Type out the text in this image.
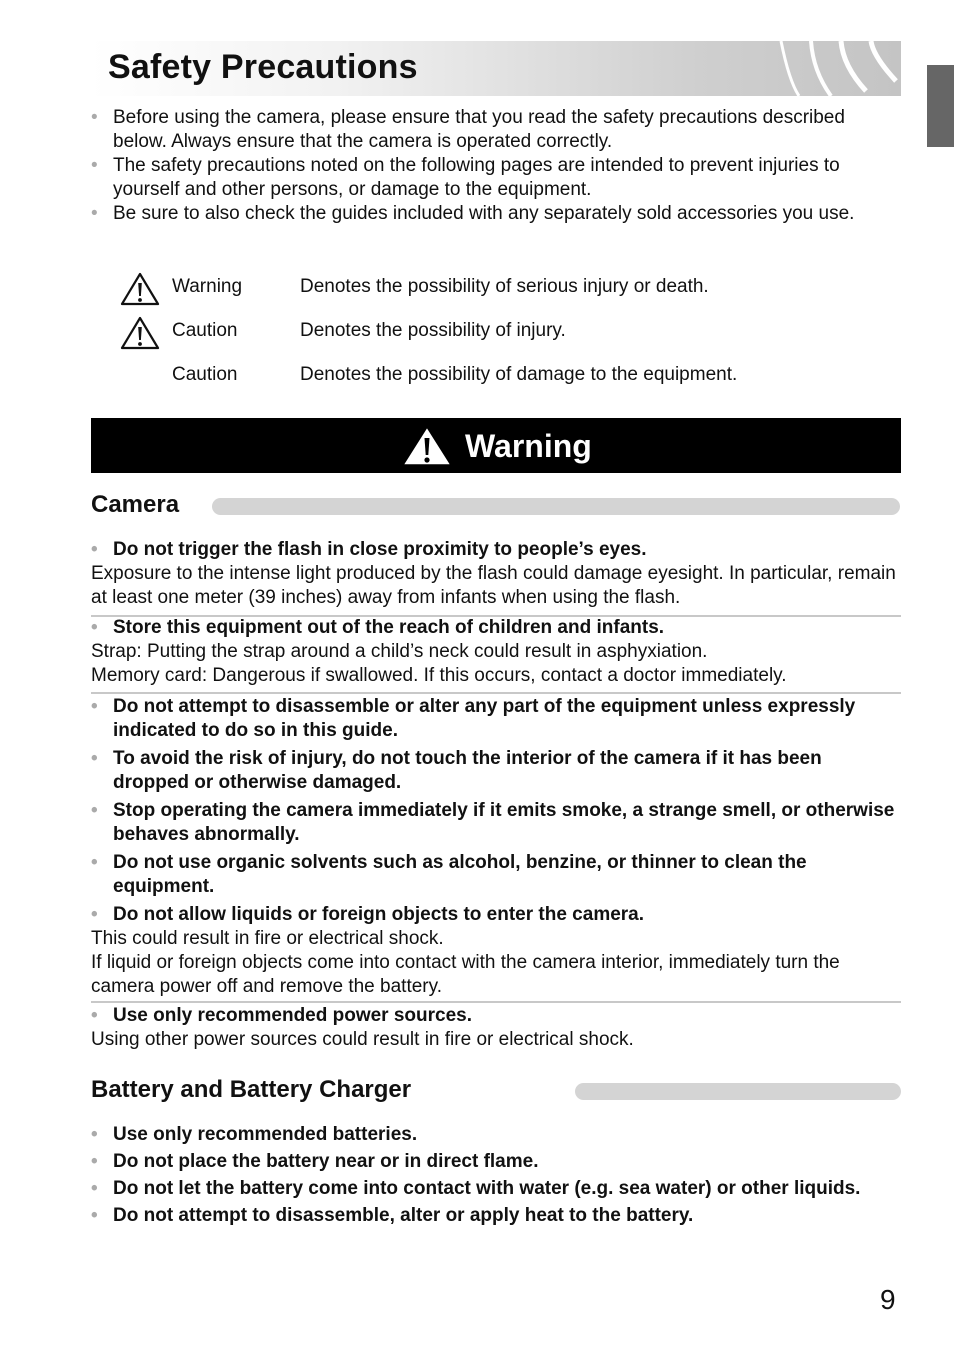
Safety Precautions
• Before using the camera, please ensure that you read the safety precautions described below. Always ensure that the camera is operated correctly.
• The safety precautions noted on the following pages are intended to prevent injuries to yourself and other persons, or damage to the equipment.
• Be sure to also check the guides included with any separately sold accessories you use.
Warning	Denotes the possibility of serious injury or death.
Caution	Denotes the possibility of injury.
Caution	Denotes the possibility of damage to the equipment.
Warning
Camera
• Do not trigger the flash in close proximity to people’s eyes.
Exposure to the intense light produced by the flash could damage eyesight. In particular, remain at least one meter (39 inches) away from infants when using the flash.
• Store this equipment out of the reach of children and infants.
Strap: Putting the strap around a child’s neck could result in asphyxiation.
Memory card: Dangerous if swallowed. If this occurs, contact a doctor immediately.
• Do not attempt to disassemble or alter any part of the equipment unless expressly indicated to do so in this guide.
• To avoid the risk of injury, do not touch the interior of the camera if it has been dropped or otherwise damaged.
• Stop operating the camera immediately if it emits smoke, a strange smell, or otherwise behaves abnormally.
• Do not use organic solvents such as alcohol, benzine, or thinner to clean the equipment.
• Do not allow liquids or foreign objects to enter the camera.
This could result in fire or electrical shock.
If liquid or foreign objects come into contact with the camera interior, immediately turn the camera power off and remove the battery.
• Use only recommended power sources.
Using other power sources could result in fire or electrical shock.
Battery and Battery Charger
• Use only recommended batteries.
• Do not place the battery near or in direct flame.
• Do not let the battery come into contact with water (e.g. sea water) or other liquids.
• Do not attempt to disassemble, alter or apply heat to the battery.
9
